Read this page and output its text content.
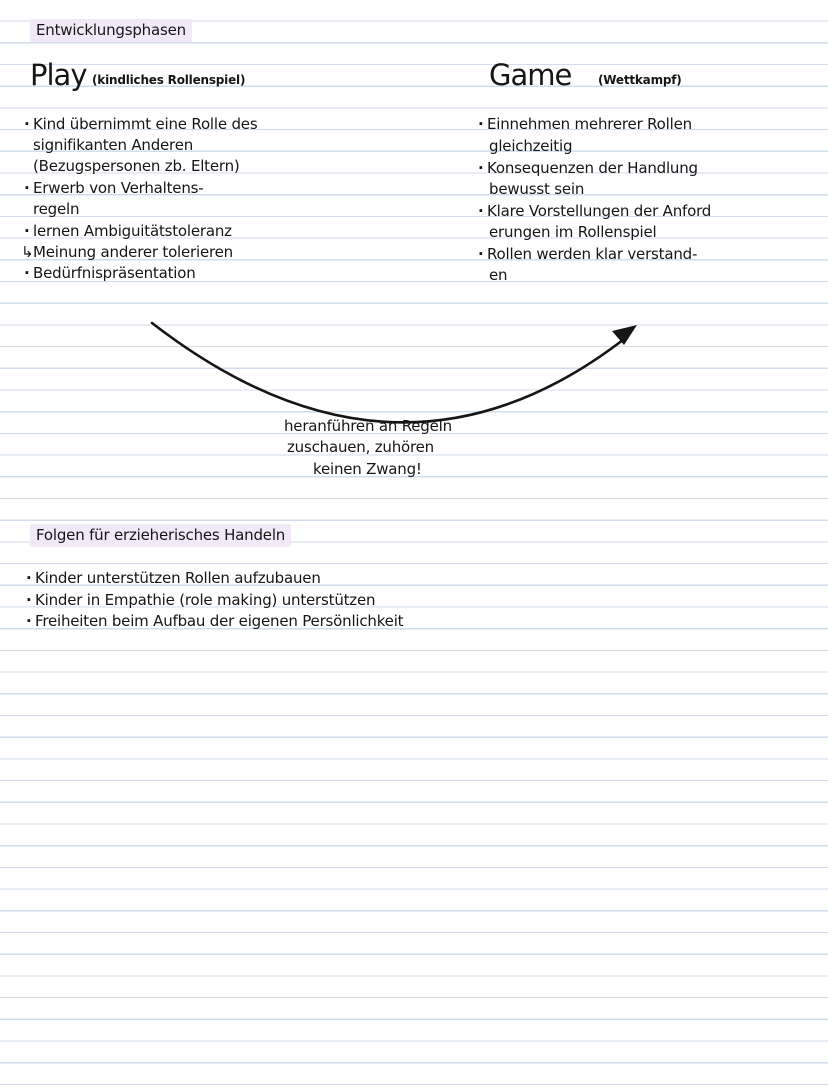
Entwicklungsphasen
Play (kindliches Rollenspiel)
· Kind übernimmt eine Rolle des
signifikanten Anderen
(Bezugspersonen zb. Eltern)
· Erwerb von Verhaltens-
regeln
· lernen Ambiguitätstoleranz
↳Meinung anderer tolerieren
· Bedürfnispräsentation
Game (Wettkampf)
· Einnehmen mehrerer Rollen
gleichzeitig
· Konsequenzen der Handlung
bewusst sein
· Klare Vorstellungen der Anford
erungen im Rollenspiel
· Rollen werden klar verstand-
en
heranführen an Regeln
zuschauen, zuhören
keinen Zwang!
Folgen für erzieherisches Handeln
· Kinder unterstützen Rollen aufzubauen
· Kinder in Empathie (role making) unterstützen
· Freiheiten beim Aufbau der eigenen Persönlichkeit
